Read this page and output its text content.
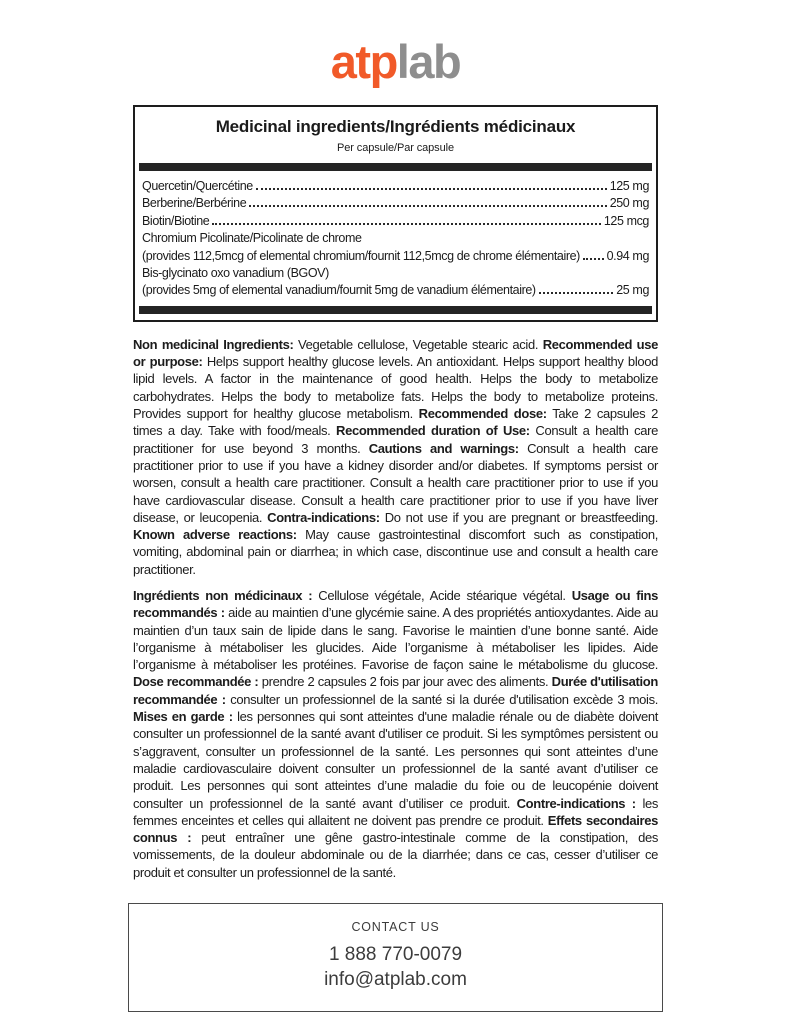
atplab
Medicinal ingredients/Ingrédients médicinaux
Per capsule/Par capsule
Quercetin/Quercétine	125 mg
Berberine/Berbérine	250 mg
Biotin/Biotine	125 mcg
Chromium Picolinate/Picolinate de chrome
(provides 112,5mcg of elemental chromium/fournit 112,5mcg de chrome élémentaire) 0.94 mg
Bis-glycinato oxo vanadium (BGOV)
(provides 5mg of elemental vanadium/fournit 5mg de vanadium élémentaire)	25 mg
Non medicinal Ingredients: Vegetable cellulose, Vegetable stearic acid. Recommended use or purpose: Helps support healthy glucose levels. An antioxidant. Helps support healthy blood lipid levels. A factor in the maintenance of good health. Helps the body to metabolize carbohydrates. Helps the body to metabolize fats. Helps the body to metabolize proteins. Provides support for healthy glucose metabolism. Recommended dose: Take 2 capsules 2 times a day. Take with food/meals. Recommended duration of Use: Consult a health care practitioner for use beyond 3 months. Cautions and warnings: Consult a health care practitioner prior to use if you have a kidney disorder and/or diabetes. If symptoms persist or worsen, consult a health care practitioner. Consult a health care practitioner prior to use if you have cardiovascular disease. Consult a health care practitioner prior to use if you have liver disease, or leucopenia. Contra-indications: Do not use if you are pregnant or breastfeeding. Known adverse reactions: May cause gastrointestinal discomfort such as constipation, vomiting, abdominal pain or diarrhea; in which case, discontinue use and consult a health care practitioner.
Ingrédients non médicinaux : Cellulose végétale, Acide stéarique végétal. Usage ou fins recommandés : aide au maintien d’une glycémie saine. A des propriétés antioxydantes. Aide au maintien d’un taux sain de lipide dans le sang. Favorise le maintien d’une bonne santé. Aide l’organisme à métaboliser les glucides. Aide l’organisme à métaboliser les lipides. Aide l’organisme à métaboliser les protéines. Favorise de façon saine le métabolisme du glucose. Dose recommandée : prendre 2 capsules 2 fois par jour avec des aliments. Durée d'utilisation recommandée : consulter un professionnel de la santé si la durée d'utilisation excède 3 mois. Mises en garde : les personnes qui sont atteintes d'une maladie rénale ou de diabète doivent consulter un professionnel de la santé avant d'utiliser ce produit. Si les symptômes persistent ou s’aggravent, consulter un professionnel de la santé. Les personnes qui sont atteintes d’une maladie cardiovasculaire doivent consulter un professionnel de la santé avant d’utiliser ce produit. Les personnes qui sont atteintes d’une maladie du foie ou de leucopénie doivent consulter un professionnel de la santé avant d’utiliser ce produit. Contre-indications : les femmes enceintes et celles qui allaitent ne doivent pas prendre ce produit. Effets secondaires connus : peut entraîner une gêne gastro-intestinale comme de la constipation, des vomissements, de la douleur abdominale ou de la diarrhée; dans ce cas, cesser d’utiliser ce produit et consulter un professionnel de la santé.
CONTACT US
1 888 770-0079
info@atplab.com
